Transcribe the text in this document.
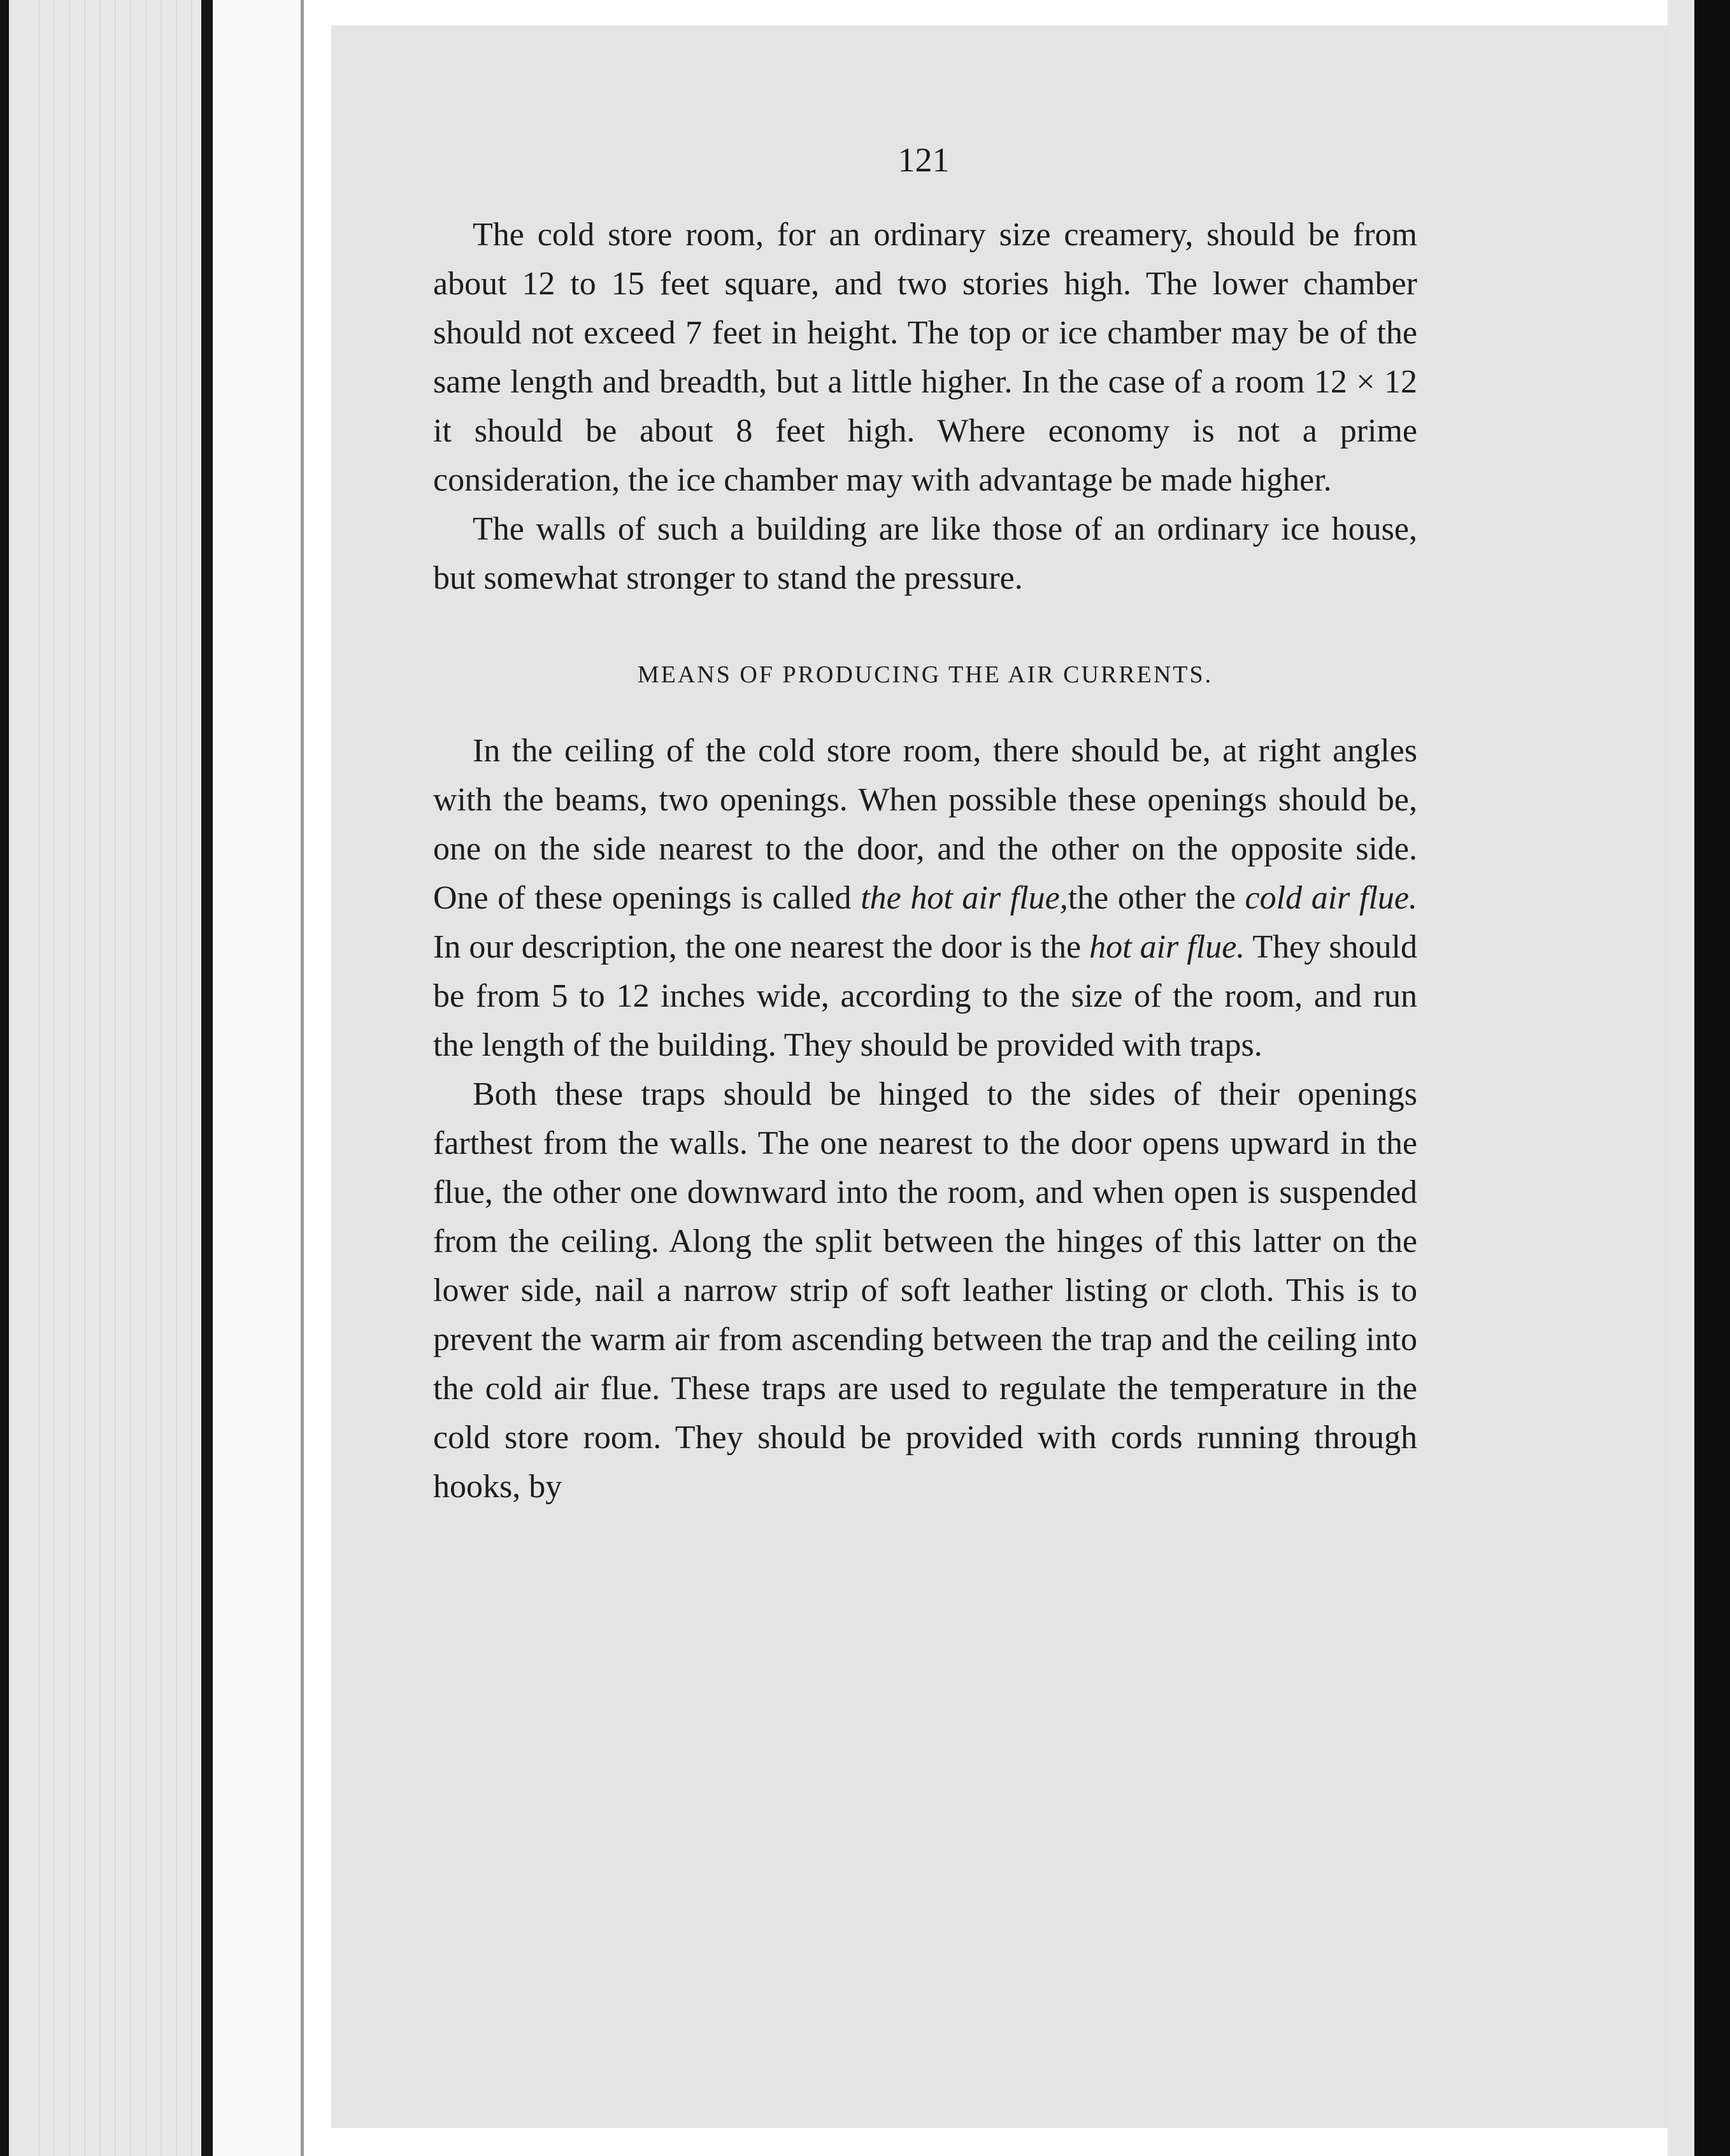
121

The cold store room, for an ordinary size creamery, should be from about 12 to 15 feet square, and two stories high. The lower chamber should not exceed 7 feet in height. The top or ice chamber may be of the same length and breadth, but a little higher. In the case of a room 12 × 12 it should be about 8 feet high. Where economy is not a prime consideration, the ice chamber may with advantage be made higher.

The walls of such a building are like those of an ordinary ice house, but somewhat stronger to stand the pressure.

MEANS OF PRODUCING THE AIR CURRENTS.

In the ceiling of the cold store room, there should be, at right angles with the beams, two openings. When possible these openings should be, one on the side nearest to the door, and the other on the opposite side. One of these openings is called the hot air flue,the other the cold air flue. In our description, the one nearest the door is the hot air flue. They should be from 5 to 12 inches wide, according to the size of the room, and run the length of the building. They should be provided with traps.

Both these traps should be hinged to the sides of their openings farthest from the walls. The one nearest to the door opens upward in the flue, the other one downward into the room, and when open is suspended from the ceiling. Along the split between the hinges of this latter on the lower side, nail a narrow strip of soft leather listing or cloth. This is to prevent the warm air from ascending between the trap and the ceiling into the cold air flue. These traps are used to regulate the temperature in the cold store room. They should be provided with cords running through hooks, by
